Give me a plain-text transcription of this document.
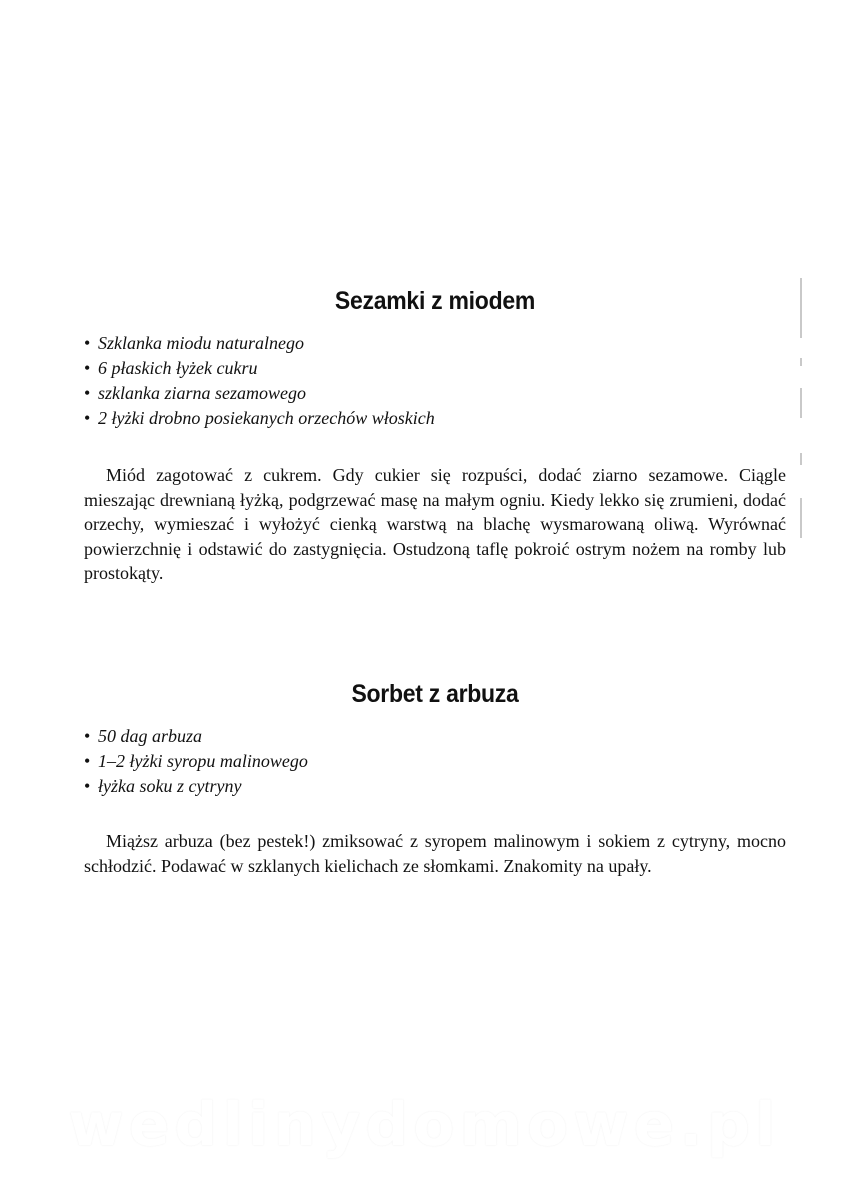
Sezamki z miodem
• Szklanka miodu naturalnego
• 6 płaskich łyżek cukru
• szklanka ziarna sezamowego
• 2 łyżki drobno posiekanych orzechów włoskich

Miód zagotować z cukrem. Gdy cukier się rozpuści, dodać ziarno sezamowe. Ciągle mieszając drewnianą łyżką, podgrzewać masę na małym ogniu. Kiedy lekko się zrumieni, dodać orzechy, wymieszać i wyłożyć cienką warstwą na blachę wysmarowaną oliwą. Wyrównać powierzchnię i odstawić do zastygnięcia. Ostudzoną taflę pokroić ostrym nożem na romby lub prostokąty.

Sorbet z arbuza
• 50 dag arbuza
• 1–2 łyżki syropu malinowego
• łyżka soku z cytryny

Miąższ arbuza (bez pestek!) zmiksować z syropem malinowym i sokiem z cytryny, mocno schłodzić. Podawać w szklanych kielichach ze słomkami. Znakomity na upały.

wedlinydomowe.pl
